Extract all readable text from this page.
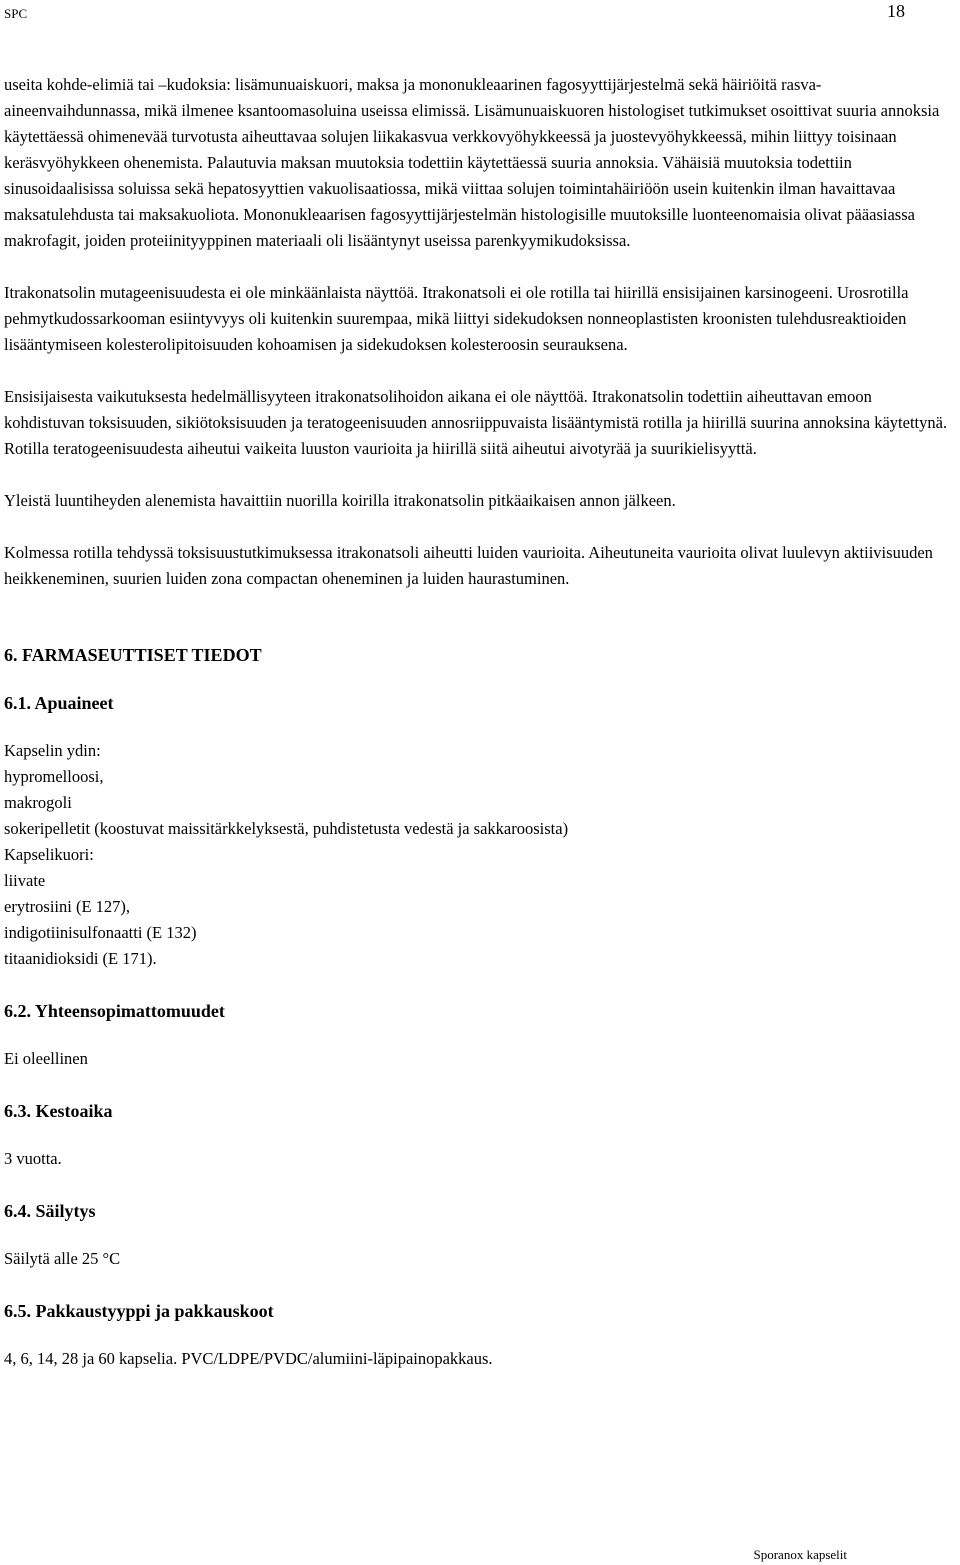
SPC	18

useita kohde-elimiä tai –kudoksia: lisämunuaiskuori, maksa ja mononukleaarinen fagosyyttijärjestelmä sekä häiriöitä rasva-aineenvaihdunnassa, mikä ilmenee ksantoomasoluina useissa elimissä. Lisämunuaiskuoren histologiset tutkimukset osoittivat suuria annoksia käytettäessä ohimenevää turvotusta aiheuttavaa solujen liikakasvua verkkovyöhykkeessä ja juostevyöhykkeessä, mihin liittyy toisinaan keräsvyöhykkeen ohenemista. Palautuvia maksan muutoksia todettiin käytettäessä suuria annoksia. Vähäisiä muutoksia todettiin sinusoidaalisissa soluissa sekä hepatosyyttien vakuolisaatiossa, mikä viittaa solujen toimintahäiriöön usein kuitenkin ilman havaittavaa maksatulehdusta tai maksakuoliota. Mononukleaarisen fagosyyttijärjestelmän histologisille muutoksille luonteenomaisia olivat pääasiassa makrofagit, joiden proteiinityyppinen materiaali oli lisääntynyt useissa parenkyymikudoksissa.

Itrakonatsolin mutageenisuudesta ei ole minkäänlaista näyttöä. Itrakonatsoli ei ole rotilla tai hiirillä ensisijainen karsinogeeni. Urosrotilla pehmytkudossarkooman esiintyvyys oli kuitenkin suurempaa, mikä liittyi sidekudoksen nonneoplastisten kroonisten tulehdusreaktioiden lisääntymiseen kolesterolipitoisuuden kohoamisen ja sidekudoksen kolesteroosin seurauksena.

Ensisijaisesta vaikutuksesta hedelmällisyyteen itrakonatsolihoidon aikana ei ole näyttöä. Itrakonatsolin todettiin aiheuttavan emoon kohdistuvan toksisuuden, sikiötoksisuuden ja teratogeenisuuden annosriippuvaista lisääntymistä rotilla ja hiirillä suurina annoksina käytettynä. Rotilla teratogeenisuudesta aiheutui vaikeita luuston vaurioita ja hiirillä siitä aiheutui aivotyrää ja suurikielisyyttä.

Yleistä luuntiheyden alenemista havaittiin nuorilla koirilla itrakonatsolin pitkäaikaisen annon jälkeen.

Kolmessa rotilla tehdyssä toksisuustutkimuksessa itrakonatsoli aiheutti luiden vaurioita. Aiheutuneita vaurioita olivat luulevyn aktiivisuuden heikkeneminen, suurien luiden zona compactan oheneminen ja luiden haurastuminen.

6. FARMASEUTTISET TIEDOT

6.1. Apuaineet

Kapselin ydin:
hypromelloosi,
makrogoli
sokeripelletit (koostuvat maissitärkkelyksestä, puhdistetusta vedestä ja sakkaroosista)
Kapselikuori:
liivate
erytrosiini (E 127),
indigotiinisulfonaatti (E 132)
titaanidioksidi (E 171).

6.2. Yhteensopimattomuudet

Ei oleellinen

6.3. Kestoaika

3 vuotta.

6.4. Säilytys

Säilytä alle 25 °C

6.5. Pakkaustyyppi ja pakkauskoot

4, 6, 14, 28 ja 60 kapselia. PVC/LDPE/PVDC/alumiini-läpipainopakkaus.

Sporanox kapselit
